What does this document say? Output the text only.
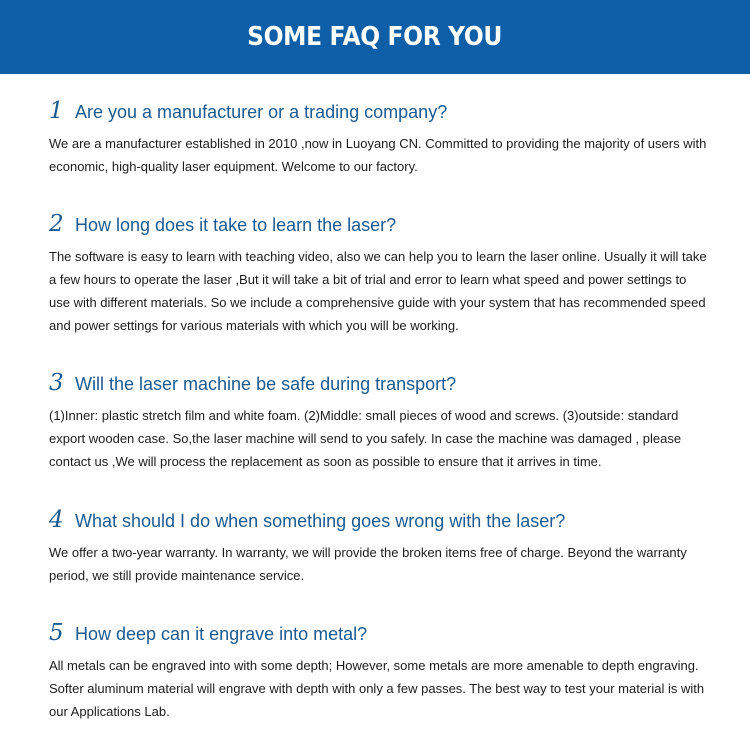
SOME FAQ FOR YOU
1 Are you a manufacturer or a trading company?
We are a manufacturer established in 2010 ,now in Luoyang CN. Committed to providing the majority of users with economic, high-quality laser equipment. Welcome to our factory.
2 How long does it take to learn the laser?
The software is easy to learn with teaching video, also we can help you to learn the laser online. Usually it will take a few hours to operate the laser ,But it will take a bit of trial and error to learn what speed and power settings to use with different materials. So we include a comprehensive guide with your system that has recommended speed and power settings for various materials with which you will be working.
3 Will the laser machine be safe during transport?
(1)Inner: plastic stretch film and white foam. (2)Middle: small pieces of wood and screws. (3)outside: standard export wooden case. So,the laser machine will send to you safely. In case the machine was damaged , please contact us ,We will process the replacement as soon as possible to ensure that it arrives in time.
4 What should I do when something goes wrong with the laser?
We offer a two-year warranty. In warranty, we will provide the broken items free of charge. Beyond the warranty period, we still provide maintenance service.
5 How deep can it engrave into metal?
All metals can be engraved into with some depth; However, some metals are more amenable to depth engraving. Softer aluminum material will engrave with depth with only a few passes. The best way to test your material is with our Applications Lab.
